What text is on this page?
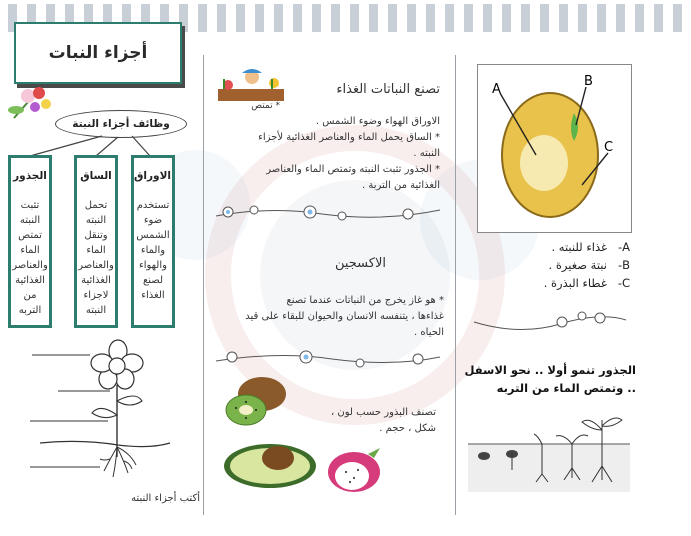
أجزاء النبات
وظائف أجزاء النبتة
الجذور
تثبت النبته
تمتص
الماء
والعناصر
الغذائية
من التربه
الساق
تحمل
النبته
وتنقل
الماء
والعناصر
الغذائية
لاجزاء
النبته
الاوراق
تستخدم
ضوء
الشمس
والماء
والهواء
لصنع
الغذاء
أكتب أجزاء النبته
* تمتص
تصنع النباتات الغذاء
الاوراق الهواء وضوء الشمس .
* الساق يحمل الماء والعناصر الغذائية لأجزاء
النبته .
* الجذور تثبت النبته وتمتص الماء والعناصر
الغذائية من التربة .
الاكسجين
* هو غاز يخرج من النباتات عندما تصنع
غذاءها ، يتنفسه الانسان والحيوان للبقاء على قيد
الحياه .
تصنف البذور حسب لون ،
شكل ، حجم .
A
B
C
A-   غذاء للنبته .
B-   نبتة صغيرة .
C-   غطاء البذرة .
الجذور تنمو أولا .. نحو الاسفل
.. وتمتص الماء من التربه
